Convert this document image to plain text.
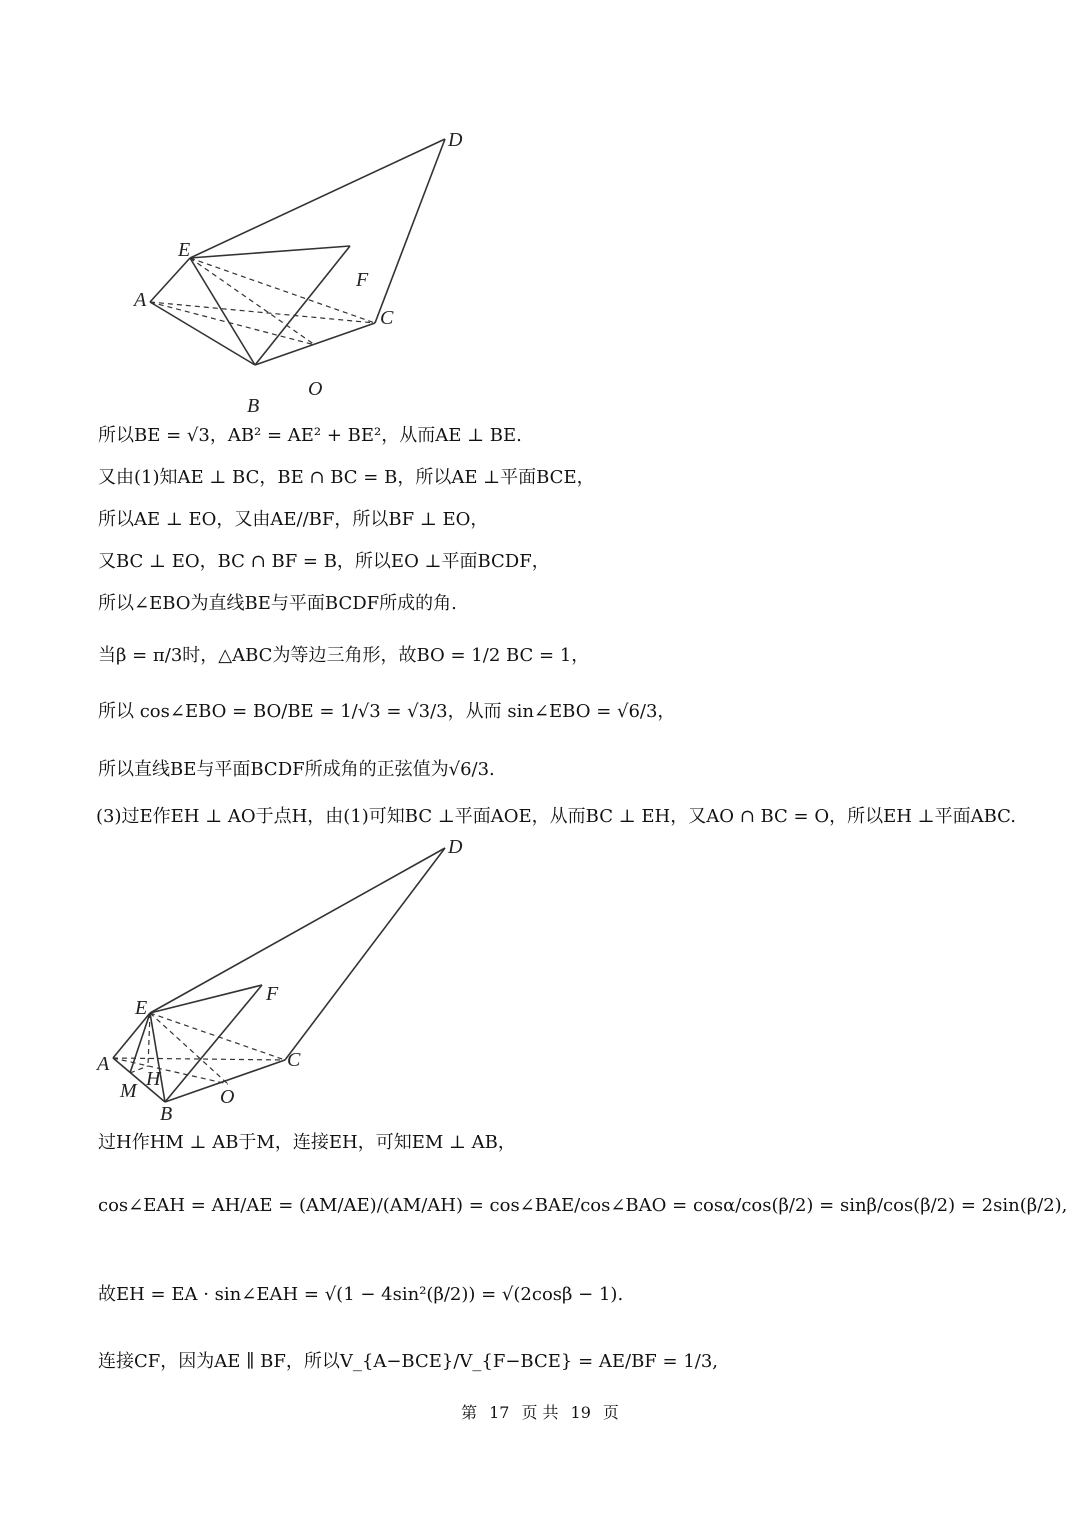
D
A
E
F
C
O
B
所以BE = √3，AB² = AE² + BE²，从而AE ⊥ BE.
又由(1)知AE ⊥ BC，BE ∩ BC = B，所以AE ⊥平面BCE，
所以AE ⊥ EO，又由AE//BF，所以BF ⊥ EO，
又BC ⊥ EO，BC ∩ BF = B，所以EO ⊥平面BCDF，
所以∠EBO为直线BE与平面BCDF所成的角.
当β = π/3时，△ABC为等边三角形，故BO = 1/2 BC = 1，
所以 cos∠EBO = BO/BE = 1/√3 = √3/3，从而 sin∠EBO = √6/3，
所以直线BE与平面BCDF所成角的正弦值为√6/3.
(3)过E作EH ⊥ AO于点H，由(1)可知BC ⊥平面AOE，从而BC ⊥ EH，又AO ∩ BC = O，所以EH ⊥平面ABC.
D
A
E
F
C
M
H
O
B
过H作HM ⊥ AB于M，连接EH，可知EM ⊥ AB，
cos∠EAH = AH/AE = (AM/AE)/(AM/AH) = cos∠BAE/cos∠BAO = cosα/cos(β/2) = sinβ/cos(β/2) = 2sin(β/2),
故EH = EA · sin∠EAH = √(1 − 4sin²(β/2)) = √(2cosβ − 1).
连接CF，因为AE ∥ BF，所以V_{A−BCE}/V_{F−BCE} = AE/BF = 1/3,
第 17 页 共 19 页
